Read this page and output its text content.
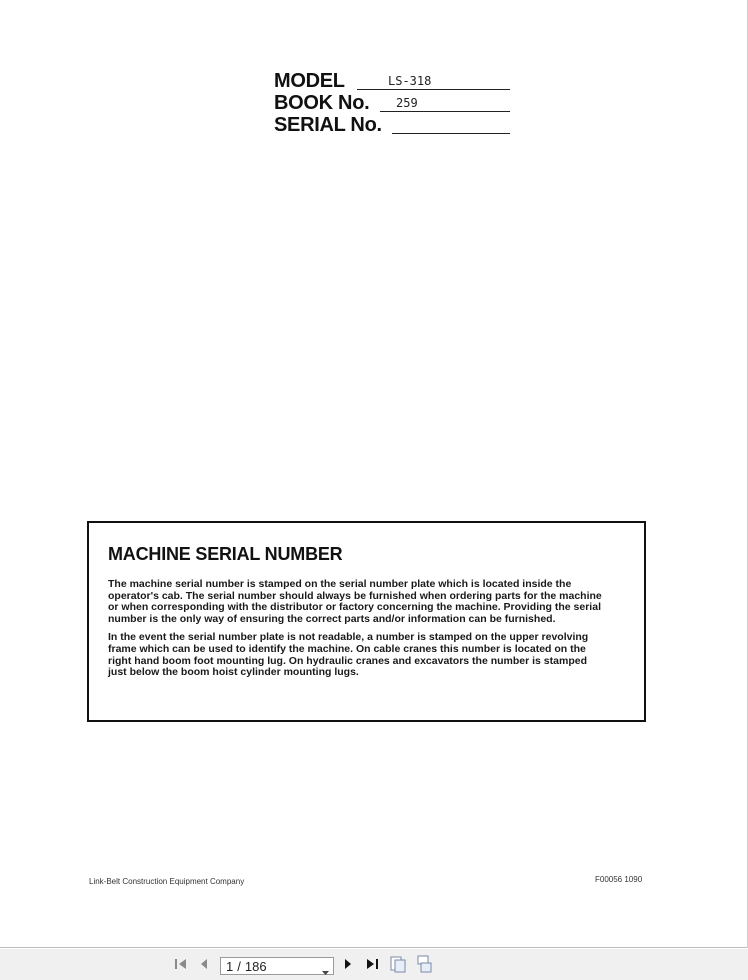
MODEL	LS-318
BOOK No. 259
SERIAL No.
MACHINE SERIAL NUMBER

The machine serial number is stamped on the serial number plate which is located inside the operator's cab. The serial number should always be furnished when ordering parts for the machine or when corresponding with the distributor or factory concerning the machine. Providing the serial number is the only way of ensuring the correct parts and/or information can be furnished.

In the event the serial number plate is not readable, a number is stamped on the upper revolving frame which can be used to identify the machine. On cable cranes this number is located on the right hand boom foot mounting lug. On hydraulic cranes and excavators the number is stamped just below the boom hoist cylinder mounting lugs.

Link-Belt Construction Equipment Company	F00056 1090
1 / 186
